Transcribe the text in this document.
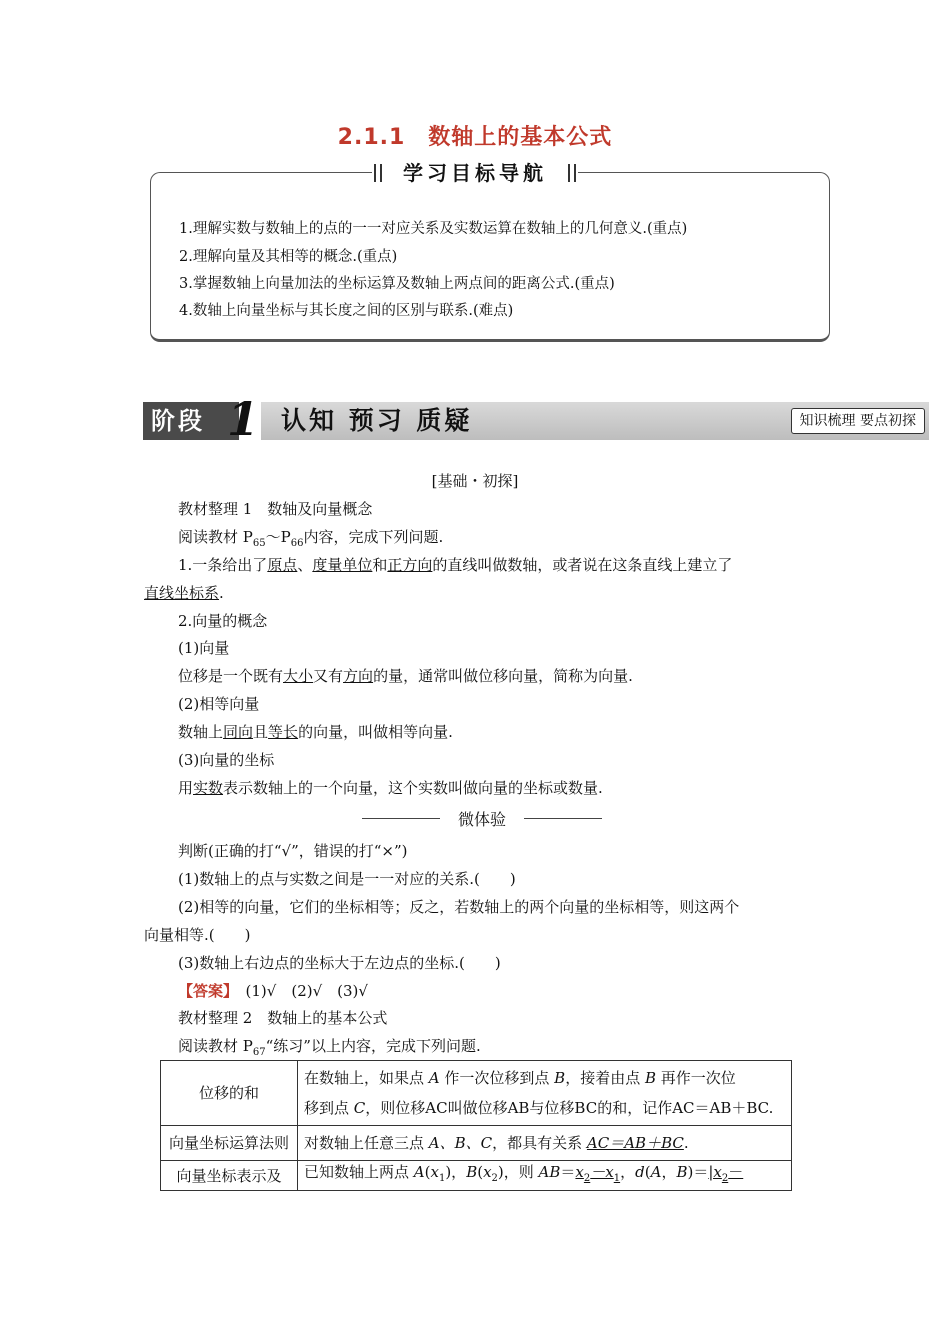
2.1.1　数轴上的基本公式
1.理解实数与数轴上的点的一一对应关系及实数运算在数轴上的几何意义.(重点)
2.理解向量及其相等的概念.(重点)
3.掌握数轴上向量加法的坐标运算及数轴上两点间的距离公式.(重点)
4.数轴上向量坐标与其长度之间的区别与联系.(难点)
学习目标导航
阶段	认知 预习 质疑	知识梳理 要点初探
1
[基础・初探]
教材整理 1　数轴及向量概念
阅读教材 $P_{65}\sim P_{66}$内容，完成下列问题.
1.一条给出了原点、度量单位和正方向的直线叫做数轴，或者说在这条直线上建立了
直线坐标系.
2.向量的概念
(1)向量
位移是一个既有大小又有方向的量，通常叫做位移向量，简称为向量.
(2)相等向量
数轴上同向且等长的向量，叫做相等向量.
(3)向量的坐标
用实数表示数轴上的一个向量，这个实数叫做向量的坐标或数量.
微体验
判断(正确的打“√”，错误的打“×”)
(1)数轴上的点与实数之间是一一对应的关系.(　　)
(2)相等的向量，它们的坐标相等；反之，若数轴上的两个向量的坐标相等，则这两个
向量相等.(　　)
(3)数轴上右边点的坐标大于左边点的坐标.(　　)
【答案】　 (1)√　(2)√　(3)√
教材整理 2　数轴上的基本公式
阅读教材 $P_{67}“$练习”以上内容，完成下列问题.
位移的和	在数轴上，如果点 A 作一次位移到点 B，接着由点 B 再作一次位
移到点 C，则位移AC叫做位移AB与位移BC的和，记作AC＝AB＋BC.
向量坐标运算法则	对数轴上任意三点 A、B、C，都具有关系 AC＝AB＋BC.
向量坐标表示及	已知数轴上两点 $A(x_1)$，$B(x_2)$，则 $AB=x_2-x_1$，d(A，$B)=|x_2-$
